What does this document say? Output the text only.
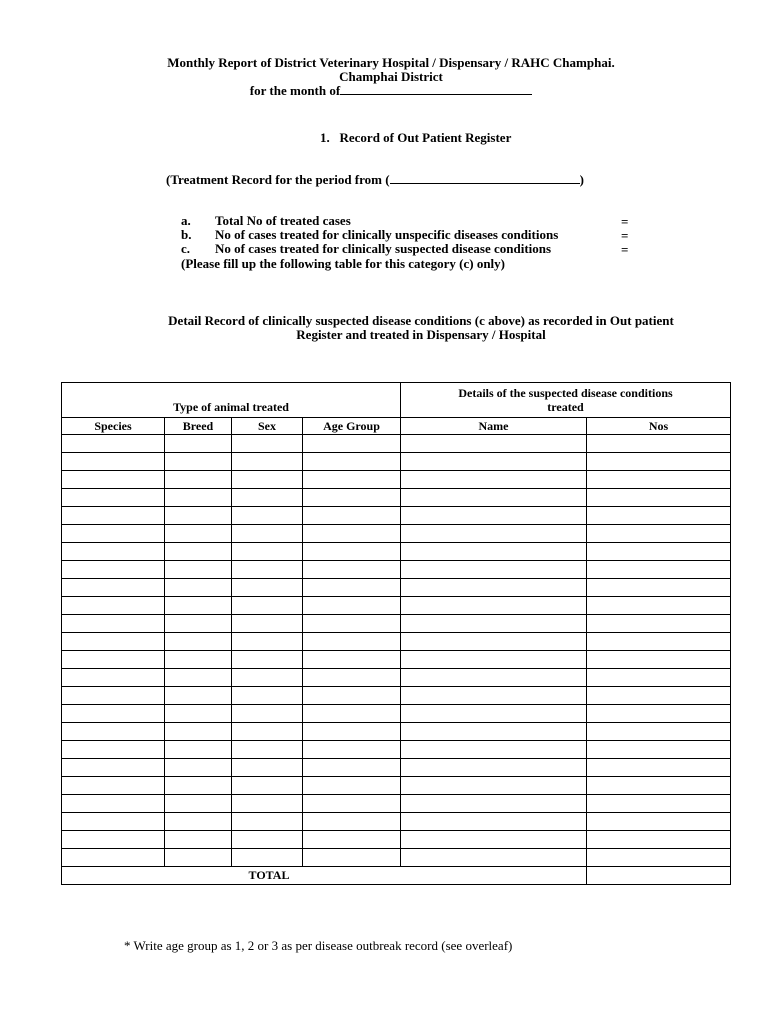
Monthly Report of District Veterinary Hospital / Dispensary / RAHC Champhai.
Champhai District
for the month of
1. Record of Out Patient Register
(Treatment Record for the period from (	)
a. Total No of treated cases	=
b. No of cases treated for clinically unspecific diseases conditions	=
c. No of cases treated for clinically suspected disease conditions	=
(Please fill up the following table for this category (c) only)
Detail Record of clinically suspected disease conditions (c above) as recorded in Out patient
Register and treated in Dispensary / Hospital
Type of animal treated				Details of the suspected disease conditions
treated	
Species	Breed	Sex	Age Group	Name	Nos

TOTAL					
* Write age group as 1, 2 or 3 as per disease outbreak record (see overleaf)
